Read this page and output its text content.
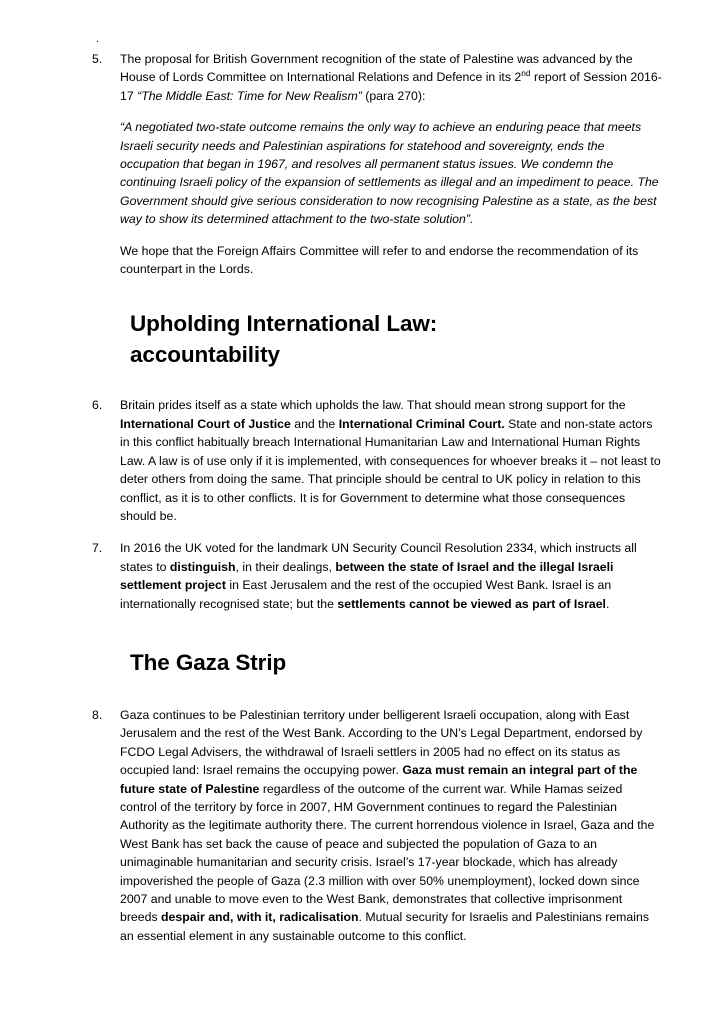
.
5.	The proposal for British Government recognition of the state of Palestine was advanced by the House of Lords Committee on International Relations and Defence in its 2nd report of Session 2016-17 “The Middle East: Time for New Realism” (para 270):

“A negotiated two-state outcome remains the only way to achieve an enduring peace that meets Israeli security needs and Palestinian aspirations for statehood and sovereignty, ends the occupation that began in 1967, and resolves all permanent status issues. We condemn the continuing Israeli policy of the expansion of settlements as illegal and an impediment to peace. The Government should give serious consideration to now recognising Palestine as a state, as the best way to show its determined attachment to the two-state solution”.

We hope that the Foreign Affairs Committee will refer to and endorse the recommendation of its counterpart in the Lords.

Upholding International Law: accountability
6.	Britain prides itself as a state which upholds the law. That should mean strong support for the International Court of Justice and the International Criminal Court. State and non-state actors in this conflict habitually breach International Humanitarian Law and International Human Rights Law. A law is of use only if it is implemented, with consequences for whoever breaks it – not least to deter others from doing the same. That principle should be central to UK policy in relation to this conflict, as it is to other conflicts. It is for Government to determine what those consequences should be.

7.	In 2016 the UK voted for the landmark UN Security Council Resolution 2334, which instructs all states to distinguish, in their dealings, between the state of Israel and the illegal Israeli settlement project in East Jerusalem and the rest of the occupied West Bank. Israel is an internationally recognised state; but the settlements cannot be viewed as part of Israel.

The Gaza Strip
8.	Gaza continues to be Palestinian territory under belligerent Israeli occupation, along with East Jerusalem and the rest of the West Bank. According to the UN’s Legal Department, endorsed by FCDO Legal Advisers, the withdrawal of Israeli settlers in 2005 had no effect on its status as occupied land: Israel remains the occupying power. Gaza must remain an integral part of the future state of Palestine regardless of the outcome of the current war. While Hamas seized control of the territory by force in 2007, HM Government continues to regard the Palestinian Authority as the legitimate authority there. The current horrendous violence in Israel, Gaza and the West Bank has set back the cause of peace and subjected the population of Gaza to an unimaginable humanitarian and security crisis. Israel’s 17-year blockade, which has already impoverished the people of Gaza (2.3 million with over 50% unemployment), locked down since 2007 and unable to move even to the West Bank, demonstrates that collective imprisonment breeds despair and, with it, radicalisation. Mutual security for Israelis and Palestinians remains an essential element in any sustainable outcome to this conflict.
